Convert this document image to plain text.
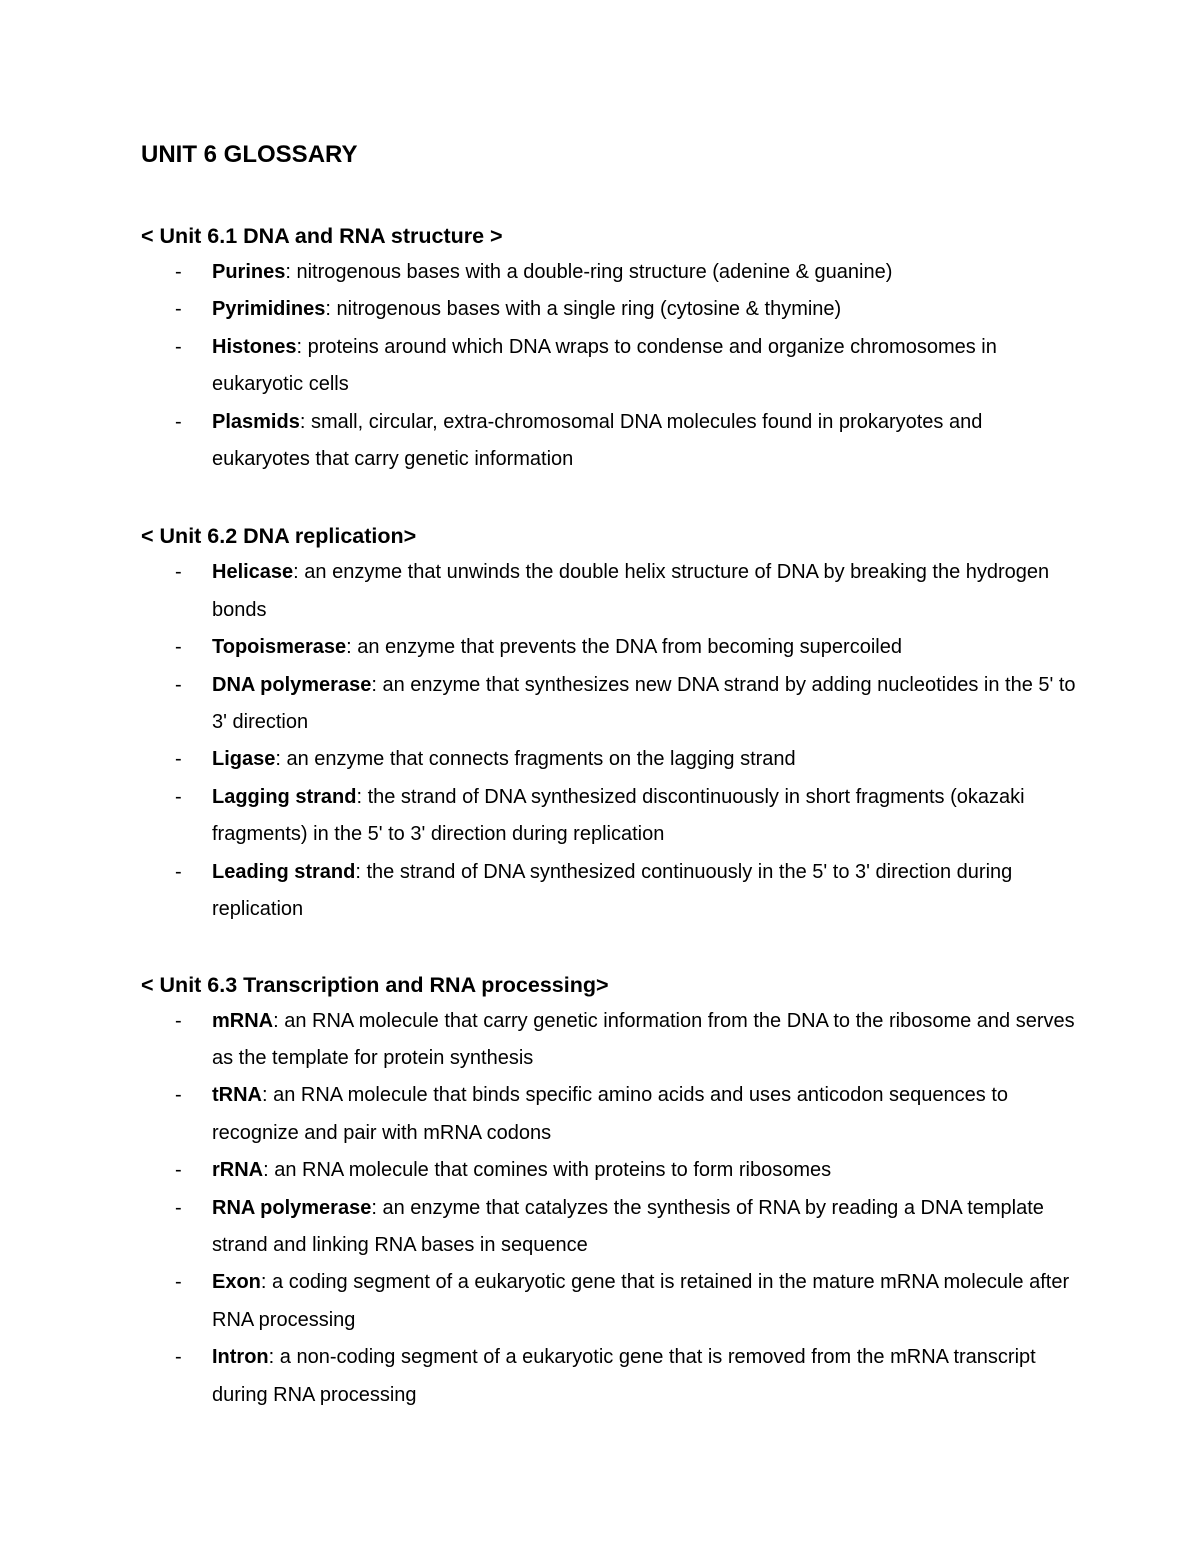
UNIT 6 GLOSSARY
< Unit 6.1 DNA and RNA structure >
- Purines: nitrogenous bases with a double-ring structure (adenine & guanine)
- Pyrimidines: nitrogenous bases with a single ring (cytosine & thymine)
- Histones: proteins around which DNA wraps to condense and organize chromosomes in eukaryotic cells
- Plasmids: small, circular, extra-chromosomal DNA molecules found in prokaryotes and eukaryotes that carry genetic information
< Unit 6.2 DNA replication>
- Helicase: an enzyme that unwinds the double helix structure of DNA by breaking the hydrogen bonds
- Topoismerase: an enzyme that prevents the DNA from becoming supercoiled
- DNA polymerase: an enzyme that synthesizes new DNA strand by adding nucleotides in the 5' to 3' direction
- Ligase: an enzyme that connects fragments on the lagging strand
- Lagging strand: the strand of DNA synthesized discontinuously in short fragments (okazaki fragments) in the 5' to 3' direction during replication
- Leading strand: the strand of DNA synthesized continuously in the 5' to 3' direction during replication
< Unit 6.3 Transcription and RNA processing>
- mRNA: an RNA molecule that carry genetic information from the DNA to the ribosome and serves as the template for protein synthesis
- tRNA: an RNA molecule that binds specific amino acids and uses anticodon sequences to recognize and pair with mRNA codons
- rRNA: an RNA molecule that comines with proteins to form ribosomes
- RNA polymerase: an enzyme that catalyzes the synthesis of RNA by reading a DNA template strand and linking RNA bases in sequence
- Exon: a coding segment of a eukaryotic gene that is retained in the mature mRNA molecule after RNA processing
- Intron: a non-coding segment of a eukaryotic gene that is removed from the mRNA transcript during RNA processing
